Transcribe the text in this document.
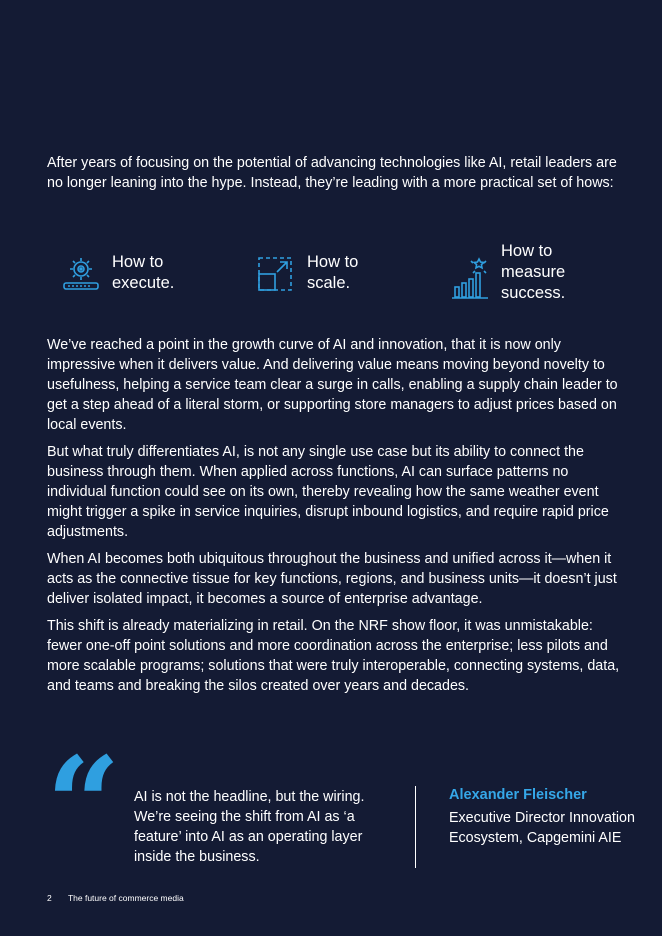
After years of focusing on the potential of advancing technologies like AI, retail leaders are no longer leaning into the hype. Instead, they’re leading with a more practical set of hows:

How to
execute.
How to
scale.
How to
measure
success.

We’ve reached a point in the growth curve of AI and innovation, that it is now only impressive when it delivers value. And delivering value means moving beyond novelty to usefulness, helping a service team clear a surge in calls, enabling a supply chain leader to get a step ahead of a literal storm, or supporting store managers to adjust prices based on local events.

But what truly differentiates AI, is not any single use case but its ability to connect the business through them. When applied across functions, AI can surface patterns no individual function could see on its own, thereby revealing how the same weather event might trigger a spike in service inquiries, disrupt inbound logistics, and require rapid price adjustments.

When AI becomes both ubiquitous throughout the business and unified across it—when it acts as the connective tissue for key functions, regions, and business units—it doesn’t just deliver isolated impact, it becomes a source of enterprise advantage.

This shift is already materializing in retail. On the NRF show floor, it was unmistakable: fewer one-off point solutions and more coordination across the enterprise; less pilots and more scalable programs; solutions that were truly interoperable, connecting systems, data, and teams and breaking the silos created over years and decades.

“ AI is not the headline, but the wiring. We’re seeing the shift from AI as ‘a feature’ into AI as an operating layer inside the business.

Alexander Fleischer
Executive Director Innovation Ecosystem, Capgemini AIE
2 The future of commerce media
